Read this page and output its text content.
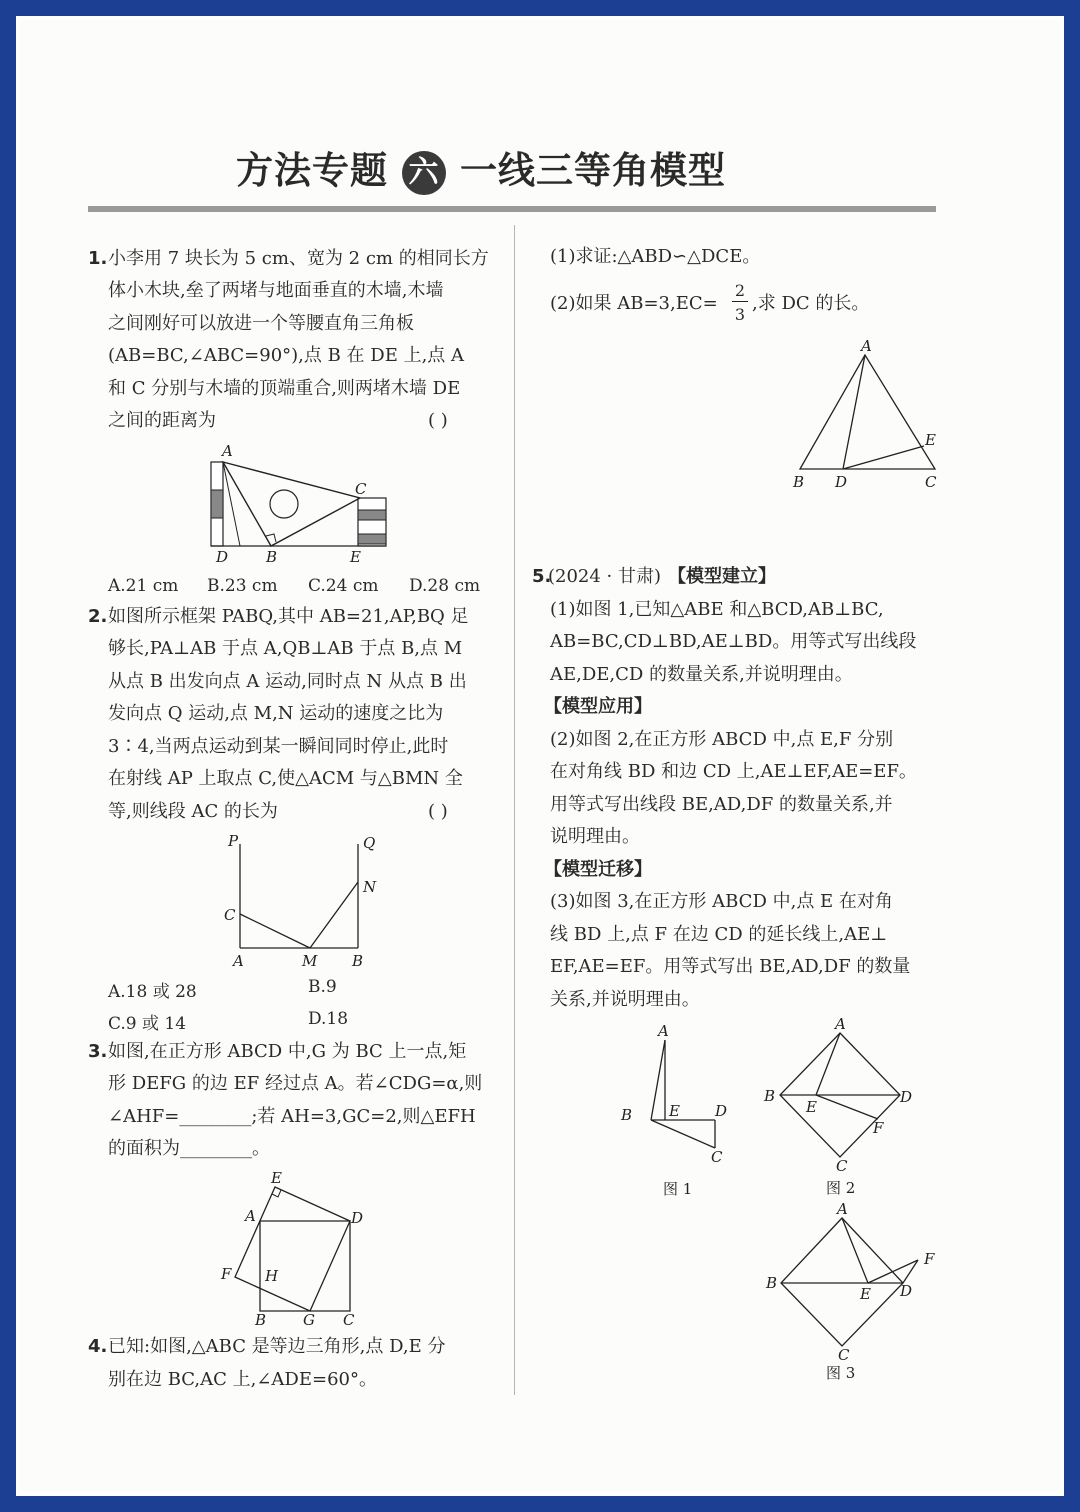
方法专题 六 一线三等角模型
1. 小李用 7 块长为 5 cm、宽为 2 cm 的相同长方
体小木块,垒了两堵与地面垂直的木墙,木墙
之间刚好可以放进一个等腰直角三角板
(AB=BC,∠ABC=90°),点 B 在 DE 上,点 A
和 C 分别与木墙的顶端重合,则两堵木墙 DE
之间的距离为	( )
A
C
D	B	E
A.21 cm B.23 cm C.24 cm D.28 cm
2. 如图所示框架 PABQ,其中 AB=21,AP,BQ 足
够长,PA⊥AB 于点 A,QB⊥AB 于点 B,点 M
从点 B 出发向点 A 运动,同时点 N 从点 B 出
发向点 Q 运动,点 M,N 运动的速度之比为
3∶4,当两点运动到某一瞬间同时停止,此时
在射线 AP 上取点 C,使△ACM 与△BMN 全
等,则线段 AC 的长为	( )
P	Q
N
C
A	M B
A.18 或 28	B.9
C.9 或 14	D.18
3. 如图,在正方形 ABCD 中,G 为 BC 上一点,矩
形 DEFG 的边 EF 经过点 A。若∠CDG=α,则
∠AHF=________;若 AH=3,GC=2,则△EFH
的面积为________。
E
A	D
F H
B G C
4. 已知:如图,△ABC 是等边三角形,点 D,E 分
别在边 BC,AC 上,∠ADE=60°。
(1)求证:△ABD∽△DCE。
(2)如果 AB=3,EC=
2
3
,求 DC 的长。
A
E
B D	C
5.
(2024 · 甘肃) 【模型建立】
(1)如图 1,已知△ABE 和△BCD,AB⊥BC,
AB=BC,CD⊥BD,AE⊥BD。用等式写出线段
AE,DE,CD 的数量关系,并说明理由。
【模型应用】
(2)如图 2,在正方形 ABCD 中,点 E,F 分别
在对角线 BD 和边 CD 上,AE⊥EF,AE=EF。
用等式写出线段 BE,AD,DF 的数量关系,并
说明理由。
【模型迁移】
(3)如图 3,在正方形 ABCD 中,点 E 在对角
线 BD 上,点 F 在边 CD 的延长线上,AE⊥
EF,AE=EF。用等式写出 BE,AD,DF 的数量
关系,并说明理由。
A
B E D
C
图 1
A
B
E
D
F
C
图 2
A
F
B
E D
C
图 3
